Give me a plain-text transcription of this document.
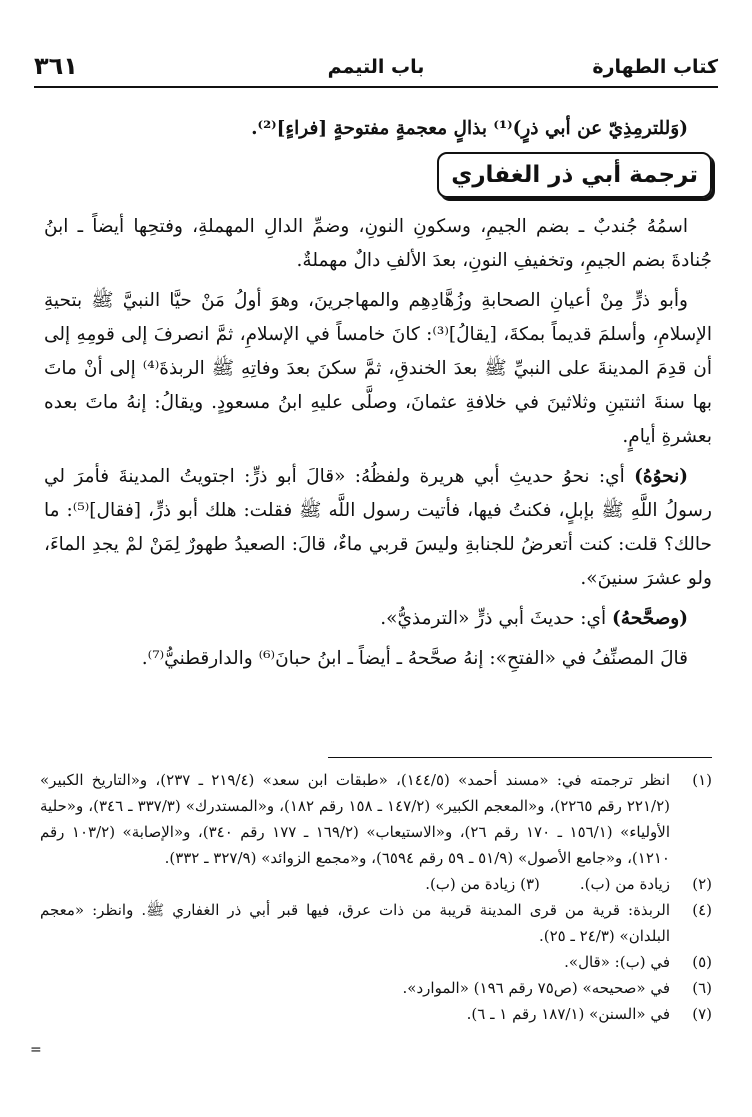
كتاب الطهارة
باب التيمم
٣٦١

(وَللترمِذِيّ عن أبي ذرٍ)⁽¹⁾ بذالٍ معجمةٍ مفتوحةٍ [فراءٍ]⁽²⁾.

ترجمة أبي ذر الغفاري

اسمُهُ جُندبٌ ـ بضم الجيمِ، وسكونِ النونِ، وضمِّ الدالِ المهملةِ، وفتحِها أيضاً ـ ابنُ جُنادةَ بضم الجيمِ، وتخفيفِ النونِ، بعدَ الألفِ دالٌ مهملةٌ.

وأبو ذرٍّ مِنْ أعيانِ الصحابةِ وزُهَّادِهِم والمهاجرينَ، وهوَ أولُ مَنْ حيَّا النبيَّ ﷺ بتحيةِ الإسلامِ، وأسلمَ قديماً بمكةَ، [يقالُ]⁽³⁾: كانَ خامساً في الإسلامِ، ثمَّ انصرفَ إلى قومِهِ إلى أن قدِمَ المدينةَ على النبيِّ ﷺ بعدَ الخندقِ، ثمَّ سكنَ بعدَ وفاتِهِ ﷺ الربذةَ⁽⁴⁾ إلى أنْ ماتَ بها سنةَ اثنتينِ وثلاثينَ في خلافةِ عثمانَ، وصلَّى عليهِ ابنُ مسعودٍ. ويقالُ: إنهُ ماتَ بعده بعشرةِ أيامٍ.

(نحوُهُ) أي: نحوُ حديثِ أبي هريرة ولفظُهُ: «قالَ أبو ذرٍّ: اجتويتُ المدينةَ فأمرَ لي رسولُ اللَّهِ ﷺ بإبلٍ، فكنتُ فيها، فأتيت رسول اللَّه ﷺ فقلت: هلك أبو ذرٍّ، [فقال]⁽⁵⁾: ما حالك؟ قلت: كنت أتعرضُ للجنابةِ وليسَ قربي ماءٌ، قالَ: الصعيدُ طهورٌ لِمَنْ لمْ يجدِ الماءَ، ولو عشرَ سنينَ».

(وصحَّحهُ) أي: حديثَ أبي ذرٍّ «الترمذيُّ».

قالَ المصنِّفُ في «الفتحِ»: إنهُ صحَّحهُ ـ أيضاً ـ ابنُ حبانَ⁽⁶⁾ والدارقطنيُّ⁽⁷⁾.

(١)
انظر ترجمته في: «مسند أحمد» (١٤٤/٥)، «طبقات ابن سعد» (٢١٩/٤ ـ ٢٣٧)، و«التاريخ الكبير» (٢٢١/٢ رقم ٢٢٦٥)، و«المعجم الكبير» (١٤٧/٢ ـ ١٥٨ رقم ١٨٢)، و«المستدرك» (٣٣٧/٣ ـ ٣٤٦)، و«حلية الأولياء» (١٥٦/١ ـ ١٧٠ رقم ٢٦)، و«الاستيعاب» (١٦٩/٢ ـ ١٧٧ رقم ٣٤٠)، و«الإصابة» (١٠٣/٢ رقم ١٢١٠)، و«جامع الأصول» (٥١/٩ ـ ٥٩ رقم ٦٥٩٤)، و«مجمع الزوائد» (٣٢٧/٩ ـ ٣٣٢).
(٢)
زيادة من (ب).(٣) زيادة من (ب).
(٤)
الربذة: قرية من قرى المدينة قريبة من ذات عرق، فيها قبر أبي ذر الغفاري ﷺ. وانظر: «معجم البلدان» (٢٤/٣ ـ ٢٥).
(٥)
في (ب): «قال».
(٦)
في «صحيحه» (ص٧٥ رقم ١٩٦) «الموارد».
(٧)
في «السنن» (١٨٧/١ رقم ١ ـ ٦).
=
